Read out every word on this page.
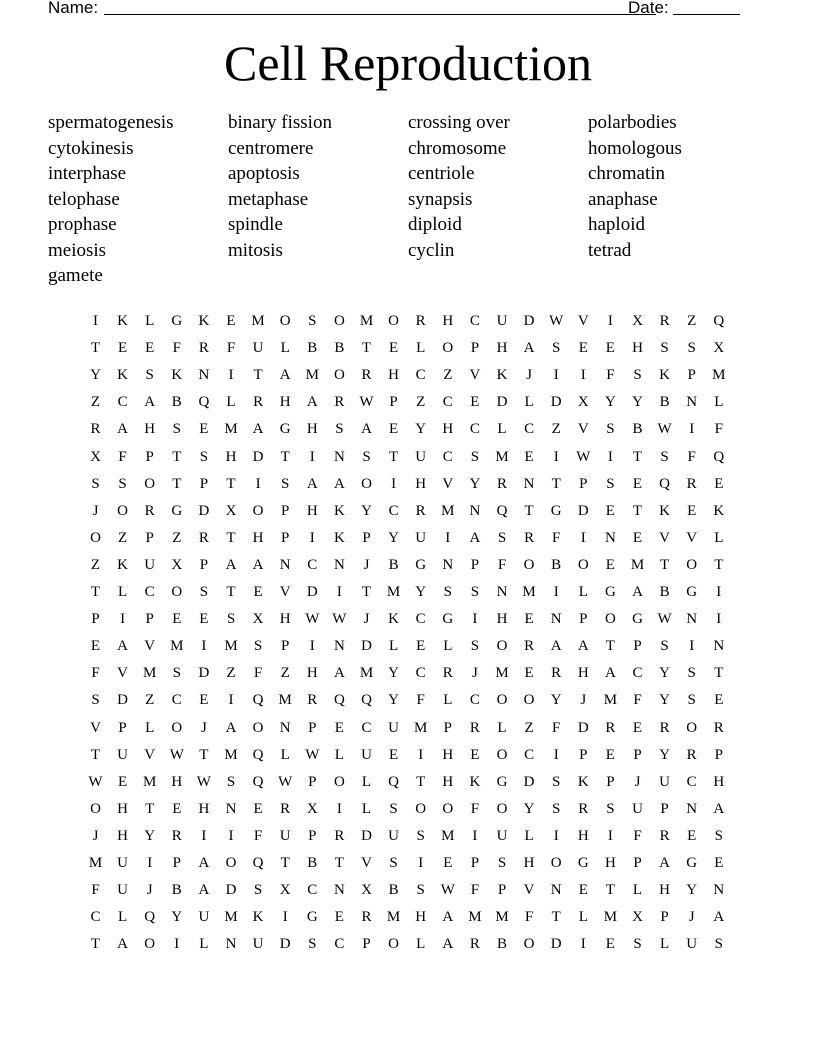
Name:	Date:
Cell Reproduction
spermatogenesis
cytokinesis
interphase
telophase
prophase
meiosis
gamete
binary fission
centromere
apoptosis
metaphase
spindle
mitosis
crossing over
chromosome
centriole
synapsis
diploid
cyclin
polarbodies
homologous
chromatin
anaphase
haploid
tetrad
I	K	L	G	K	E	M	O	S	O	M	O	R	H	C	U	D W V	I	X	R	Z	Q
T	E	E	F	R	F	U	L	B	B	T	E	L	O	P	H	A	S	E	E	H	S	S	X
Y	K	S	K	N	I	T	A	M	O	R	H	C	Z	V	K	J	I	I	F	S	K	P	M
Z	C	A	B	Q	L	R	H	A	R	W	P	Z	C	E	D	L	D	X	Y	Y	B	N	L
R	A	H	S	E	M	A	G	H	S	A	E	Y	H	C	L	C	Z	V	S	B	W	I	F
X	F	P	T	S	H	D	T	I	N	S	T	U	C	S	M	E	I	W	I	T	S	F	Q
S	S	O	T	P	T	I	S	A	A	O	I	H	V	Y	R	N	T	P	S	E	Q	R	E
J	O	R	G	D	X	O	P	H	K	Y	C	R	M	N	Q	T	G	D	E	T	K	E	K
O	Z	P	Z	R	T	H	P	I	K	P	Y	U	I	A	S	R	F	I	N	E	V	V	L
Z	K	U	X	P	A	A	N	C	N	J	B	G	N	P	F	O	B	O	E	M	T	O	T
T	L	C	O	S	T	E	V	D	I	T	M	Y	S	S	N	M	I	L	G	A	B	G	I
P	I	P	E	E	S	X	H W W	J	K	C	G	I	H	E	N	P	O	G W N	I
E	A	V	M	I	M	S	P	I	N	D	L	E	L	S	O	R	A	A	T	P	S	I	N
F	V	M	S	D	Z	F	Z	H	A	M	Y	C	R	J	M	E	R	H	A	C	Y	S	T
S	D	Z	C	E	I	Q	M	R	Q	Q	Y	F	L	C	O	O	Y	J	M	F	Y	S	E
V	P	L	O	J	A	O	N	P	E	C	U	M	P	R	L	Z	F	D	R	E	R	O	R
T	U	V W	T	M	Q	L	W	L	U	E	I	H	E	O	C	I	P	E	P	Y	R	P
W	E	M	H W	S	Q W	P	O	L	Q	T	H	K	G	D	S	K	P	J	U	C	H
O	H	T	E	H	N	E	R	X	I	L	S	O	O	F	O	Y	S	R	S	U	P	N	A
J	H	Y	R	I	I	F	U	P	R	D	U	S	M	I	U	L	I	H	I	F	R	E	S
M	U	I	P	A	O	Q	T	B	T	V	S	I	E	P	S	H	O	G	H	P	A	G	E
F	U	J	B	A	D	S	X	C	N	X	B	S	W	F	P	V	N	E	T	L	H	Y	N
C	L	Q	Y	U	M	K	I	G	E	R	M	H	A	M M	F	T	L	M	X	P	J	A
T	A	O	I	L	N	U	D	S	C	P	O	L	A	R	B	O	D	I	E	S	L	U	S
